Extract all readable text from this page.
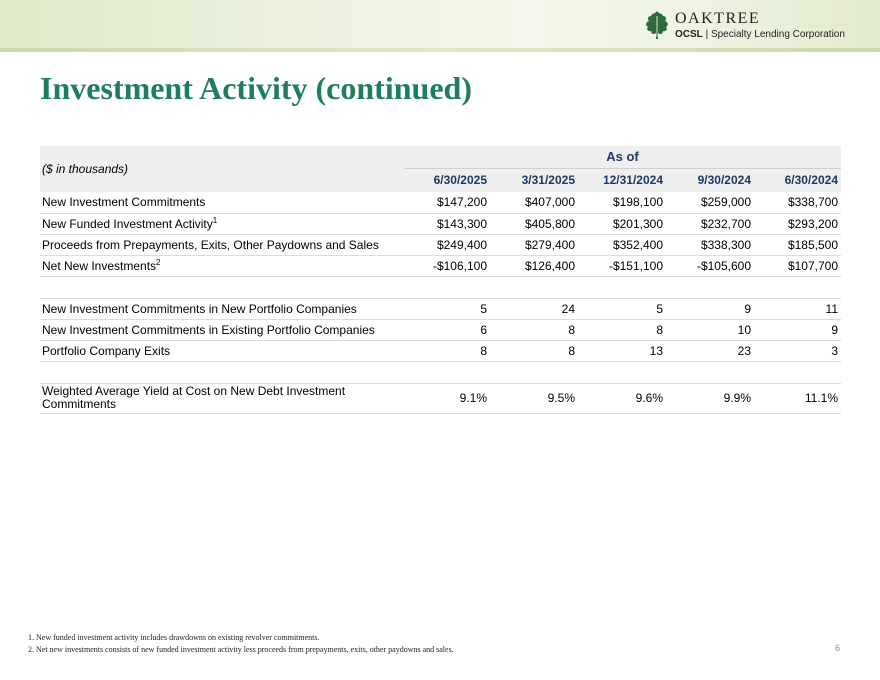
OAKTREE
OCSL | Specialty Lending Corporation
Investment Activity (continued)
($ in thousands)	As of				
	6/30/2025	3/31/2025	12/31/2024	9/30/2024	6/30/2024
New Investment Commitments	$147,200	$407,000	$198,100	$259,000	$338,700
New Funded Investment Activity$^1$	$143,300	$405,800	$201,300	$232,700	$293,200
Proceeds from Prepayments, Exits, Other Paydowns and Sales	$249,400	$279,400	$352,400	$338,300	$185,500
Net New Investments$^2$	-$106,100	$126,400	-$151,100	-$105,600	$107,700

New Investment Commitments in New Portfolio Companies	5	24	5	9	11
New Investment Commitments in Existing Portfolio Companies	6	8	8	10	9
Portfolio Company Exits	8	8	13	23	3

Weighted Average Yield at Cost on New Debt Investment Commitments	9.1%	9.5%	9.6%	9.9%	11.1%
1. New funded investment activity includes drawdowns on existing revolver commitments.
2. Net new investments consists of new funded investment activity less proceeds from prepayments, exits, other paydowns and sales.	6
